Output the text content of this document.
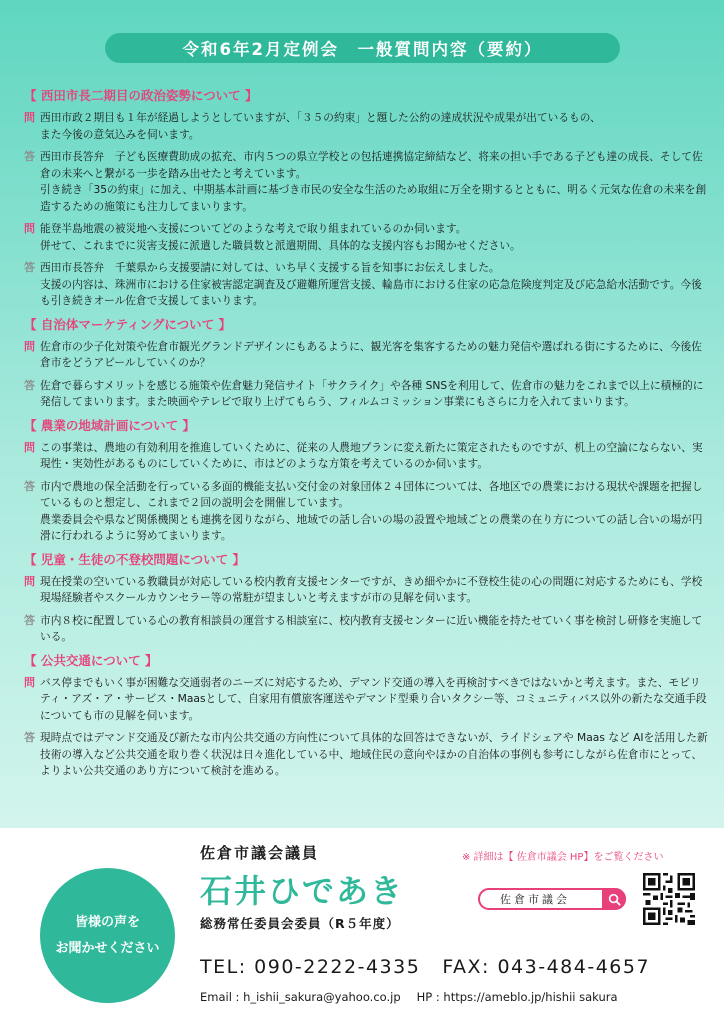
令和6年2月定例会　一般質問内容（要約）
【 西田市長二期目の政治姿勢について 】
問 西田市政２期目も１年が経過しようとしていますが、「３５の約束」と題した公約の達成状況や成果が出ているもの、

また今後の意気込みを伺います。

答 西田市長答弁　子ども医療費助成の拡充、市内５つの県立学校との包括連携協定締結など、将来の担い手である子ども達の成長、そして佐倉の未来へと繋がる一歩を踏み出せたと考えています。

引き続き「35の約束」に加え、中期基本計画に基づき市民の安全な生活のため取組に万全を期するとともに、明るく元気な佐倉の未来を創造するための施策にも注力してまいります。

問 能登半島地震の被災地へ支援についてどのような考えで取り組まれているのか伺います。

併せて、これまでに災害支援に派遣した職員数と派遣期間、具体的な支援内容もお聞かせください。

答 西田市長答弁　千葉県から支援要請に対しては、いち早く支援する旨を知事にお伝えしました。

支援の内容は、珠洲市における住家被害認定調査及び避難所運営支援、輪島市における住家の応急危険度判定及び応急給水活動です。今後も引き続きオール佐倉で支援してまいります。

【 自治体マーケティングについて 】
問 佐倉市の少子化対策や佐倉市観光グランドデザインにもあるように、観光客を集客するための魅力発信や選ばれる街にするために、今後佐倉市をどうアピールしていくのか？

答 佐倉で暮らすメリットを感じる施策や佐倉魅力発信サイト「サクライク」や各種 SNSを利用して、佐倉市の魅力をこれまで以上に積極的に発信してまいります。また映画やテレビで取り上げてもらう、フィルムコミッション事業にもさらに力を入れてまいります。

【 農業の地域計画について 】
問 この事業は、農地の有効利用を推進していくために、従来の人農地プランに変え新たに策定されたものですが、机上の空論にならない、実現性・実効性があるものにしていくために、市はどのような方策を考えているのか伺います。

答 市内で農地の保全活動を行っている多面的機能支払い交付金の対象団体２４団体については、各地区での農業における現状や課題を把握しているものと想定し、これまで２回の説明会を開催しています。

農業委員会や県など関係機関とも連携を図りながら、地域での話し合いの場の設置や地域ごとの農業の在り方についての話し合いの場が円滑に行われるように努めてまいります。

【 児童・生徒の不登校問題について 】
問 現在授業の空いている教職員が対応している校内教育支援センターですが、きめ細やかに不登校生徒の心の問題に対応するためにも、学校現場経験者やスクールカウンセラー等の常駐が望ましいと考えますが市の見解を伺います。

答 市内８校に配置している心の教育相談員の運営する相談室に、校内教育支援センターに近い機能を持たせていく事を検討し研修を実施している。

【 公共交通について 】
問 バス停までもいく事が困難な交通弱者のニーズに対応するため、デマンド交通の導入を再検討すべきではないかと考えます。また、モビリティ・アズ・ア・サービス・Maasとして、自家用有償旅客運送やデマンド型乗り合いタクシー等、コミュニティバス以外の新たな交通手段についても市の見解を伺います。

答 現時点ではデマンド交通及び新たな市内公共交通の方向性について具体的な回答はできないが、ライドシェアや Maas など AIを活用した新技術の導入など公共交通を取り巻く状況は日々進化している中、地域住民の意向やほかの自治体の事例も参考にしながら佐倉市にとって、よりよい公共交通のあり方について検討を進める。

皆様の声を
お聞かせください
佐倉市議会議員
石井ひであき
総務常任委員会委員（R５年度）
※ 詳細は【 佐倉市議会 HP】をご覧ください
佐倉市議会
TEL: 090-2222-4335 FAX: 043-484-4657
Email : h_ishii_sakura@yahoo.co.jp HP : https://ameblo.jp/hishii sakura
